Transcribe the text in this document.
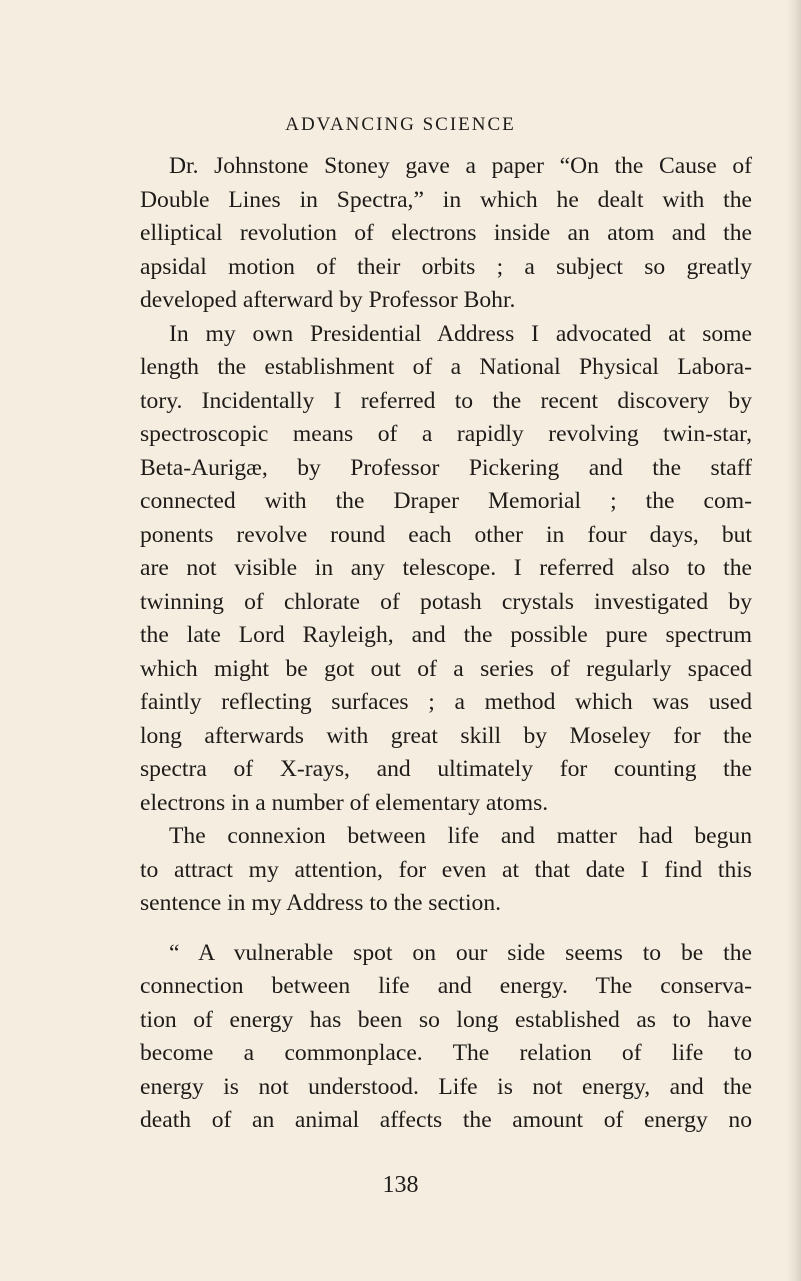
ADVANCING SCIENCE
Dr. Johnstone Stoney gave a paper “On the Cause of
Double Lines in Spectra,” in which he dealt with the
elliptical revolution of electrons inside an atom and the
apsidal motion of their orbits ; a subject so greatly
developed afterward by Professor Bohr.
In my own Presidential Address I advocated at some
length the establishment of a National Physical Labora-
tory. Incidentally I referred to the recent discovery by
spectroscopic means of a rapidly revolving twin-star,
Beta-Aurigæ, by Professor Pickering and the staff
connected with the Draper Memorial ; the com-
ponents revolve round each other in four days, but
are not visible in any telescope. I referred also to the
twinning of chlorate of potash crystals investigated by
the late Lord Rayleigh, and the possible pure spectrum
which might be got out of a series of regularly spaced
faintly reflecting surfaces ; a method which was used
long afterwards with great skill by Moseley for the
spectra of X-rays, and ultimately for counting the
electrons in a number of elementary atoms.
The connexion between life and matter had begun
to attract my attention, for even at that date I find this
sentence in my Address to the section.
“ A vulnerable spot on our side seems to be the
connection between life and energy. The conserva-
tion of energy has been so long established as to have
become a commonplace. The relation of life to
energy is not understood. Life is not energy, and the
death of an animal affects the amount of energy no
138
